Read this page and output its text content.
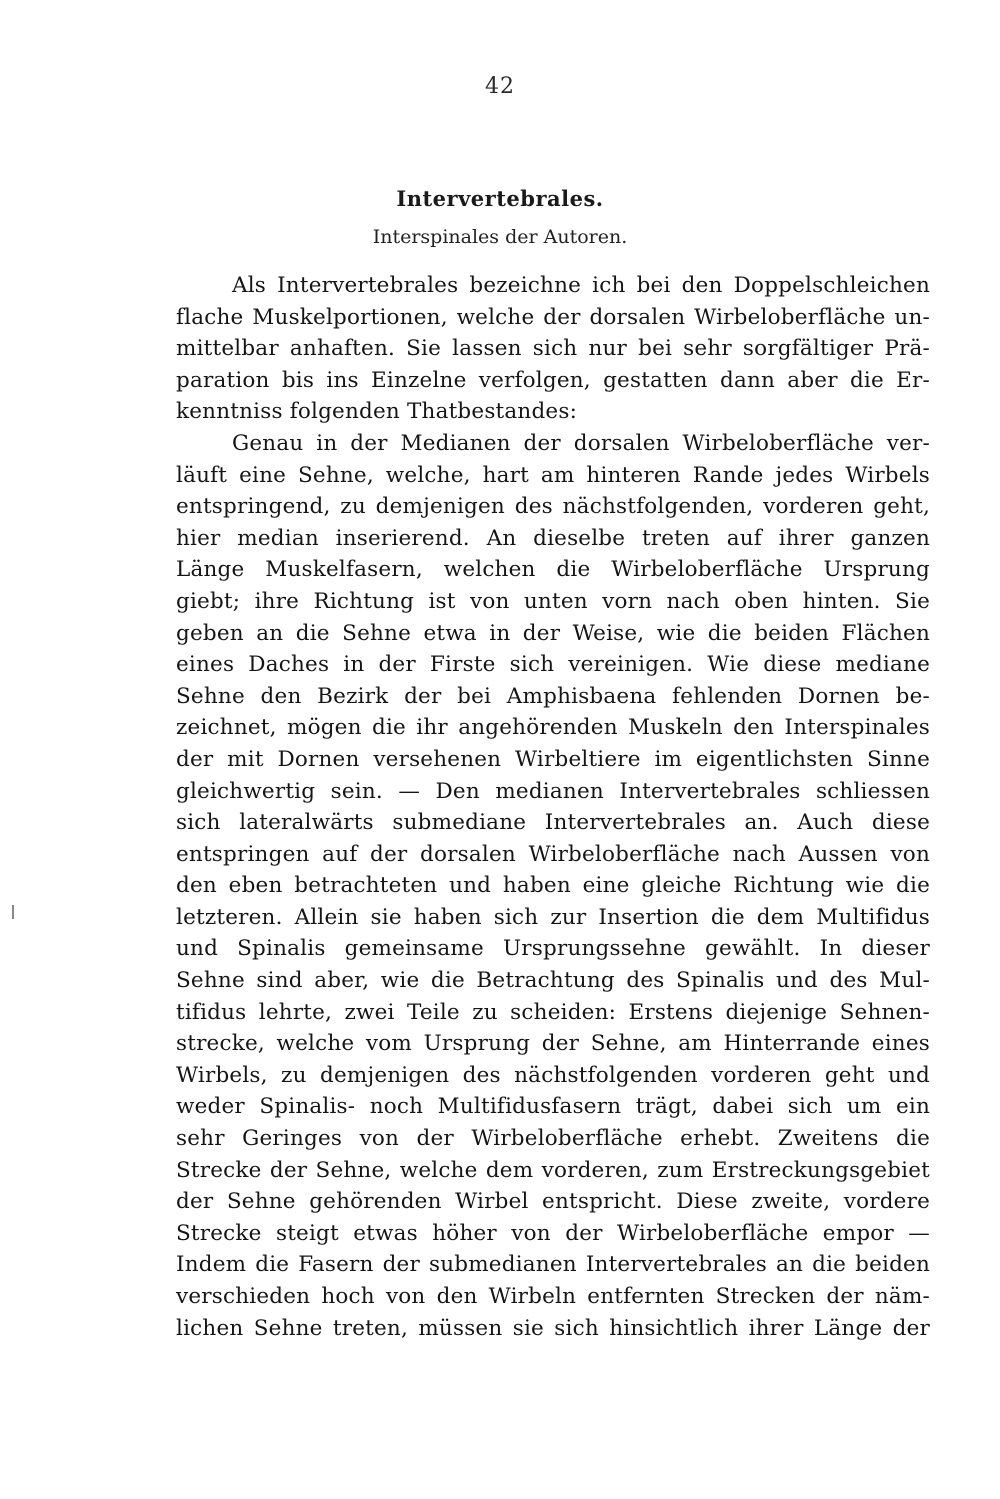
42
Intervertebrales.
Interspinales der Autoren.
Als Intervertebrales bezeichne ich bei den Doppelschleichen
flache Muskelportionen, welche der dorsalen Wirbeloberfläche un-
mittelbar anhaften. Sie lassen sich nur bei sehr sorgfältiger Prä-
paration bis ins Einzelne verfolgen, gestatten dann aber die Er-
kenntniss folgenden Thatbestandes:
Genau in der Medianen der dorsalen Wirbeloberfläche ver-
läuft eine Sehne, welche, hart am hinteren Rande jedes Wirbels
entspringend, zu demjenigen des nächstfolgenden, vorderen geht,
hier median inserierend. An dieselbe treten auf ihrer ganzen
Länge Muskelfasern, welchen die Wirbeloberfläche Ursprung
giebt; ihre Richtung ist von unten vorn nach oben hinten. Sie
geben an die Sehne etwa in der Weise, wie die beiden Flächen
eines Daches in der Firste sich vereinigen. Wie diese mediane
Sehne den Bezirk der bei Amphisbaena fehlenden Dornen be-
zeichnet, mögen die ihr angehörenden Muskeln den Interspinales
der mit Dornen versehenen Wirbeltiere im eigentlichsten Sinne
gleichwertig sein. — Den medianen Intervertebrales schliessen
sich lateralwärts submediane Intervertebrales an. Auch diese
entspringen auf der dorsalen Wirbeloberfläche nach Aussen von
den eben betrachteten und haben eine gleiche Richtung wie die
letzteren. Allein sie haben sich zur Insertion die dem Multifidus
und Spinalis gemeinsame Ursprungssehne gewählt. In dieser
Sehne sind aber, wie die Betrachtung des Spinalis und des Mul-
tifidus lehrte, zwei Teile zu scheiden: Erstens diejenige Sehnen-
strecke, welche vom Ursprung der Sehne, am Hinterrande eines
Wirbels, zu demjenigen des nächstfolgenden vorderen geht und
weder Spinalis- noch Multifidusfasern trägt, dabei sich um ein
sehr Geringes von der Wirbeloberfläche erhebt. Zweitens die
Strecke der Sehne, welche dem vorderen, zum Erstreckungsgebiet
der Sehne gehörenden Wirbel entspricht. Diese zweite, vordere
Strecke steigt etwas höher von der Wirbeloberfläche empor —
Indem die Fasern der submedianen Intervertebrales an die beiden
verschieden hoch von den Wirbeln entfernten Strecken der näm-
lichen Sehne treten, müssen sie sich hinsichtlich ihrer Länge der
